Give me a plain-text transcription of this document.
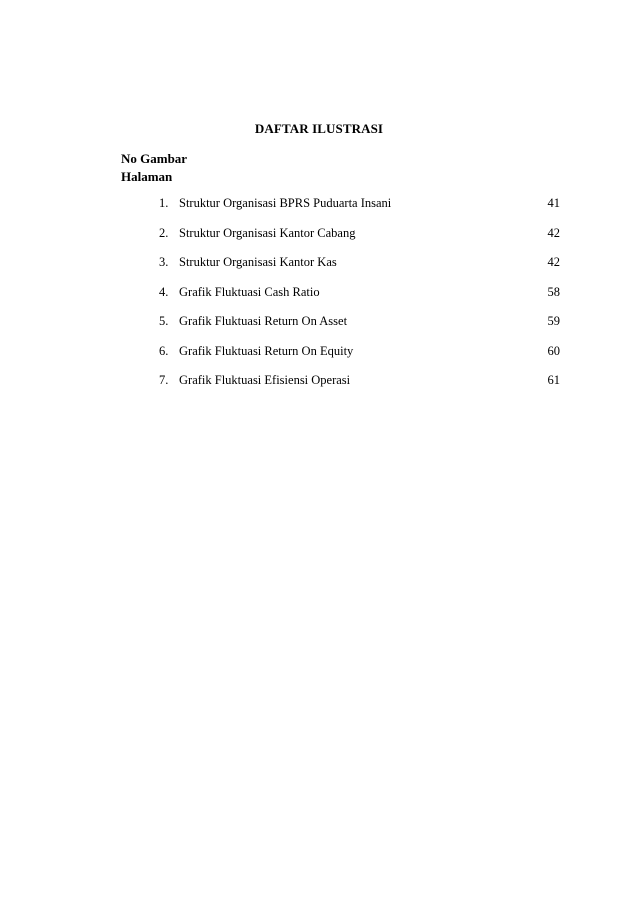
DAFTAR ILUSTRASI
No Gambar
Halaman
1. Struktur Organisasi BPRS Puduarta Insani	41
2. Struktur Organisasi Kantor Cabang	42
3. Struktur Organisasi Kantor Kas	42
4. Grafik Fluktuasi Cash Ratio	58
5. Grafik Fluktuasi Return On Asset	59
6. Grafik Fluktuasi Return On Equity	60
7. Grafik Fluktuasi Efisiensi Operasi	61
